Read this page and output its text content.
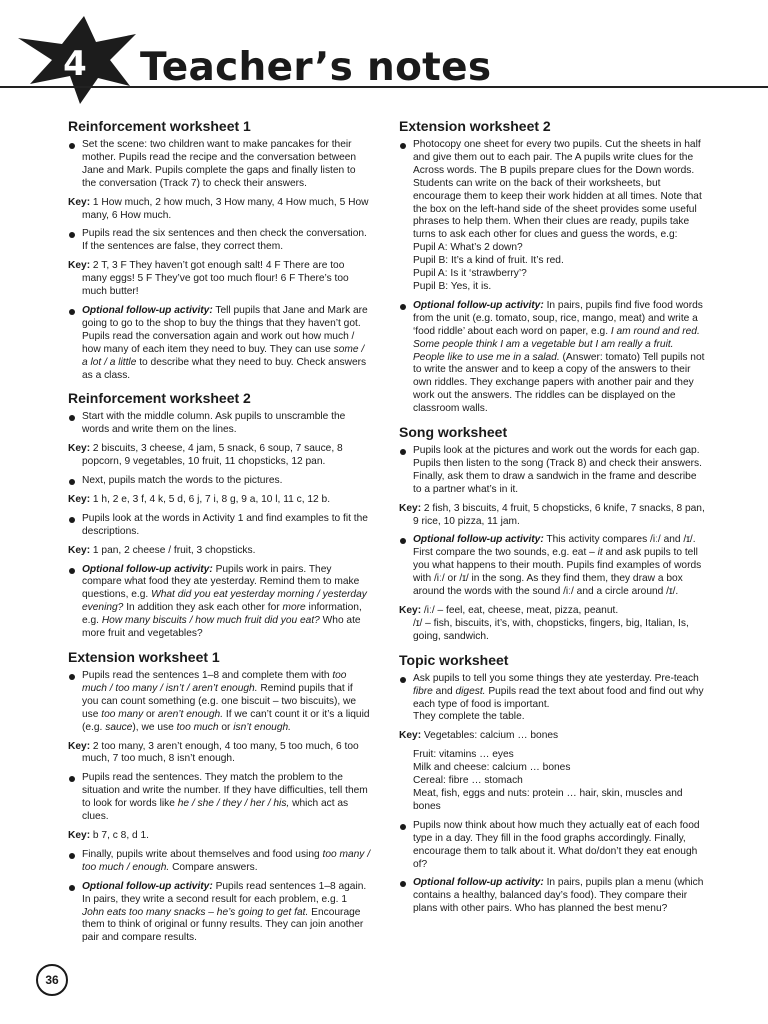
4 Teacher’s notes
Reinforcement worksheet 1
Set the scene: two children want to make pancakes for their mother. Pupils read the recipe and the conversation between Jane and Mark. Pupils complete the gaps and finally listen to the conversation (Track 7) to check their answers.
Key: 1 How much, 2 how much, 3 How many, 4 How much, 5 How many, 6 How much.
Pupils read the six sentences and then check the conversation. If the sentences are false, they correct them.
Key: 2 T, 3 F They haven’t got enough salt! 4 F There are too many eggs! 5 F They’ve got too much flour! 6 F There’s too much butter!
Optional follow-up activity: Tell pupils that Jane and Mark are going to go to the shop to buy the things that they haven’t got. Pupils read the conversation again and work out how much / how many of each item they need to buy. They can use some / a lot / a little to describe what they need to buy. Check answers as a class.
Reinforcement worksheet 2
Start with the middle column. Ask pupils to unscramble the words and write them on the lines.
Key: 2 biscuits, 3 cheese, 4 jam, 5 snack, 6 soup, 7 sauce, 8 popcorn, 9 vegetables, 10 fruit, 11 chopsticks, 12 pan.
Next, pupils match the words to the pictures.
Key: 1 h, 2 e, 3 f, 4 k, 5 d, 6 j, 7 i, 8 g, 9 a, 10 l, 11 c, 12 b.
Pupils look at the words in Activity 1 and find examples to fit the descriptions.
Key: 1 pan, 2 cheese / fruit, 3 chopsticks.
Optional follow-up activity: Pupils work in pairs. They compare what food they ate yesterday. Remind them to make questions, e.g. What did you eat yesterday morning / yesterday evening? In addition they ask each other for more information, e.g. How many biscuits / how much fruit did you eat? Who ate more fruit and vegetables?
Extension worksheet 1
Pupils read the sentences 1–8 and complete them with too much / too many / isn’t / aren’t enough. Remind pupils that if you can count something (e.g. one biscuit – two biscuits), we use too many or aren’t enough. If we can’t count it or it’s a liquid (e.g. sauce), we use too much or isn’t enough.
Key: 2 too many, 3 aren’t enough, 4 too many, 5 too much, 6 too much, 7 too much, 8 isn’t enough.
Pupils read the sentences. They match the problem to the situation and write the number. If they have difficulties, tell them to look for words like he / she / they / her / his, which act as clues.
Key: b 7, c 8, d 1.
Finally, pupils write about themselves and food using too many / too much / enough. Compare answers.
Optional follow-up activity: Pupils read sentences 1–8 again. In pairs, they write a second result for each problem, e.g. 1 John eats too many snacks – he’s going to get fat. Encourage them to think of original or funny results. They can join another pair and compare results.
Extension worksheet 2
Photocopy one sheet for every two pupils. Cut the sheets in half and give them out to each pair. The A pupils write clues for the Across words. The B pupils prepare clues for the Down words. Students can write on the back of their worksheets, but encourage them to keep their work hidden at all times. Note that the box on the left-hand side of the sheet provides some useful phrases to help them. When their clues are ready, pupils take turns to ask each other for clues and guess the words, e.g:
Pupil A: What’s 2 down?
Pupil B: It’s a kind of fruit. It’s red.
Pupil A: Is it ‘strawberry’?
Pupil B: Yes, it is.
Optional follow-up activity: In pairs, pupils find five food words from the unit (e.g. tomato, soup, rice, mango, meat) and write a ‘food riddle’ about each word on paper, e.g. I am round and red. Some people think I am a vegetable but I am really a fruit. People like to use me in a salad. (Answer: tomato) Tell pupils not to write the answer and to keep a copy of the answers to their own riddles. They exchange papers with another pair and they work out the answers. The riddles can be displayed on the classroom walls.
Song worksheet
Pupils look at the pictures and work out the words for each gap. Pupils then listen to the song (Track 8) and check their answers. Finally, ask them to draw a sandwich in the frame and describe to a partner what’s in it.
Key: 2 fish, 3 biscuits, 4 fruit, 5 chopsticks, 6 knife, 7 snacks, 8 pan, 9 rice, 10 pizza, 11 jam.
Optional follow-up activity: This activity compares /iː/ and /ɪ/. First compare the two sounds, e.g. eat – it and ask pupils to tell you what happens to their mouth. Pupils find examples of words with /iː/ or /ɪ/ in the song. As they find them, they draw a box around the words with the sound /iː/ and a circle around /ɪ/.
Key: /iː/ – feel, eat, cheese, meat, pizza, peanut.
/ɪ/ – fish, biscuits, it’s, with, chopsticks, fingers, big, Italian, Is, going, sandwich.
Topic worksheet
Ask pupils to tell you some things they ate yesterday. Pre-teach fibre and digest. Pupils read the text about food and find out why each type of food is important.
They complete the table.
Key: Vegetables: calcium … bones
Fruit: vitamins … eyes
Milk and cheese: calcium … bones
Cereal: fibre … stomach
Meat, fish, eggs and nuts: protein … hair, skin, muscles and bones
Pupils now think about how much they actually eat of each food type in a day. They fill in the food graphs accordingly. Finally, encourage them to talk about it. What do/don’t they eat enough of?
Optional follow-up activity: In pairs, pupils plan a menu (which contains a healthy, balanced day’s food). They compare their plans with other pairs. Who has planned the best menu?
36
